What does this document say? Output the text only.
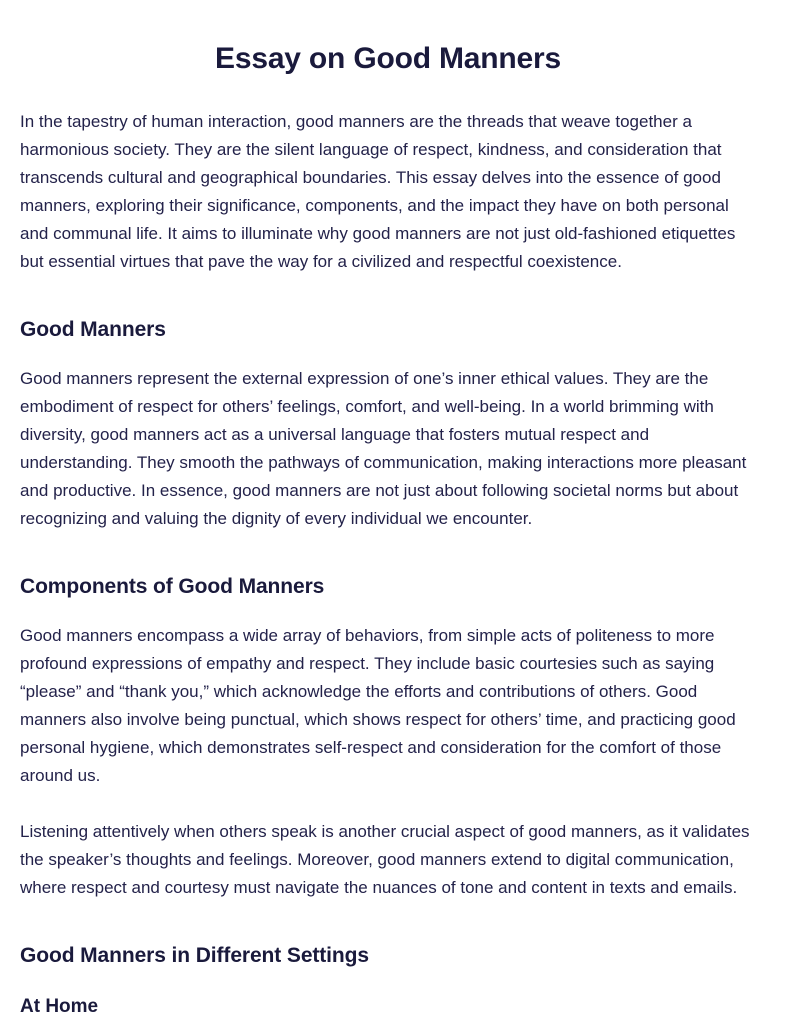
Essay on Good Manners

In the tapestry of human interaction, good manners are the threads that weave together a harmonious society. They are the silent language of respect, kindness, and consideration that transcends cultural and geographical boundaries. This essay delves into the essence of good manners, exploring their significance, components, and the impact they have on both personal and communal life. It aims to illuminate why good manners are not just old-fashioned etiquettes but essential virtues that pave the way for a civilized and respectful coexistence.

Good Manners

Good manners represent the external expression of one’s inner ethical values. They are the embodiment of respect for others’ feelings, comfort, and well-being. In a world brimming with diversity, good manners act as a universal language that fosters mutual respect and understanding. They smooth the pathways of communication, making interactions more pleasant and productive. In essence, good manners are not just about following societal norms but about recognizing and valuing the dignity of every individual we encounter.

Components of Good Manners

Good manners encompass a wide array of behaviors, from simple acts of politeness to more profound expressions of empathy and respect. They include basic courtesies such as saying “please” and “thank you,” which acknowledge the efforts and contributions of others. Good manners also involve being punctual, which shows respect for others’ time, and practicing good personal hygiene, which demonstrates self-respect and consideration for the comfort of those around us.

Listening attentively when others speak is another crucial aspect of good manners, as it validates the speaker’s thoughts and feelings. Moreover, good manners extend to digital communication, where respect and courtesy must navigate the nuances of tone and content in texts and emails.

Good Manners in Different Settings
At Home
